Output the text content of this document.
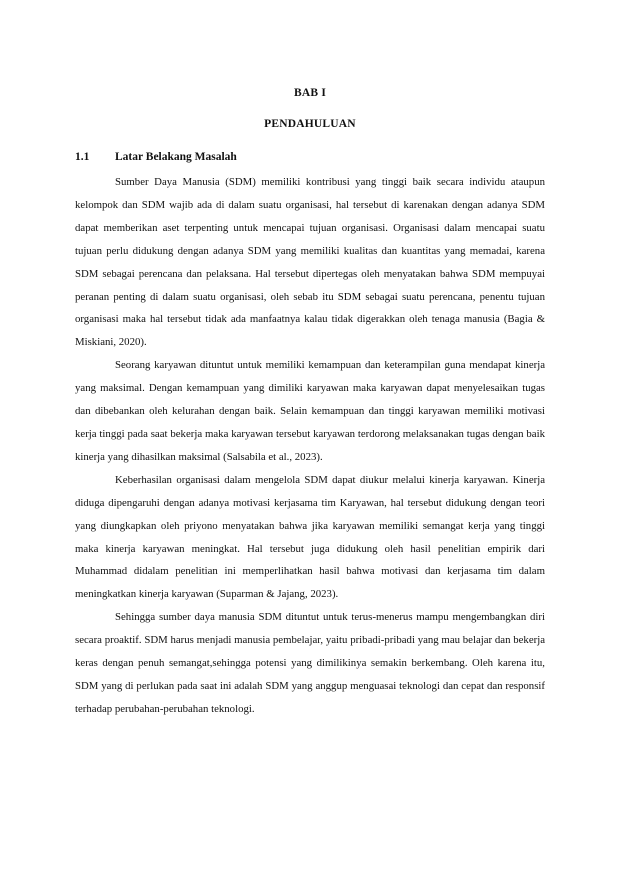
BAB I
PENDAHULUAN
1.1 Latar Belakang Masalah

Sumber Daya Manusia (SDM) memiliki kontribusi yang tinggi baik secara individu ataupun kelompok dan SDM wajib ada di dalam suatu organisasi, hal tersebut di karenakan dengan adanya SDM dapat memberikan aset terpenting untuk mencapai tujuan organisasi. Organisasi dalam mencapai suatu tujuan perlu didukung dengan adanya SDM yang memiliki kualitas dan kuantitas yang memadai, karena SDM sebagai perencana dan pelaksana. Hal tersebut dipertegas oleh menyatakan bahwa SDM mempuyai peranan penting di dalam suatu organisasi, oleh sebab itu SDM sebagai suatu perencana, penentu tujuan organisasi maka hal tersebut tidak ada manfaatnya kalau tidak digerakkan oleh tenaga manusia (Bagia & Miskiani, 2020).

Seorang karyawan dituntut untuk memiliki kemampuan dan keterampilan guna mendapat kinerja yang maksimal. Dengan kemampuan yang dimiliki karyawan maka karyawan dapat menyelesaikan tugas dan dibebankan oleh kelurahan dengan baik. Selain kemampuan dan tinggi karyawan memiliki motivasi kerja tinggi pada saat bekerja maka karyawan tersebut karyawan terdorong melaksanakan tugas dengan baik kinerja yang dihasilkan maksimal (Salsabila et al., 2023).

Keberhasilan organisasi dalam mengelola SDM dapat diukur melalui kinerja karyawan. Kinerja diduga dipengaruhi dengan adanya motivasi kerjasama tim Karyawan, hal tersebut didukung dengan teori yang diungkapkan oleh priyono menyatakan bahwa jika karyawan memiliki semangat kerja yang tinggi maka kinerja karyawan meningkat. Hal tersebut juga didukung oleh hasil penelitian empirik dari Muhammad didalam penelitian ini memperlihatkan hasil bahwa motivasi dan kerjasama tim dalam meningkatkan kinerja karyawan (Suparman & Jajang, 2023).

Sehingga sumber daya manusia SDM dituntut untuk terus-menerus mampu mengembangkan diri secara proaktif. SDM harus menjadi manusia pembelajar, yaitu pribadi-pribadi yang mau belajar dan bekerja keras dengan penuh semangat,sehingga potensi yang dimilikinya semakin berkembang. Oleh karena itu, SDM yang di perlukan pada saat ini adalah SDM yang anggup menguasai teknologi dan cepat dan responsif terhadap perubahan-perubahan teknologi.
